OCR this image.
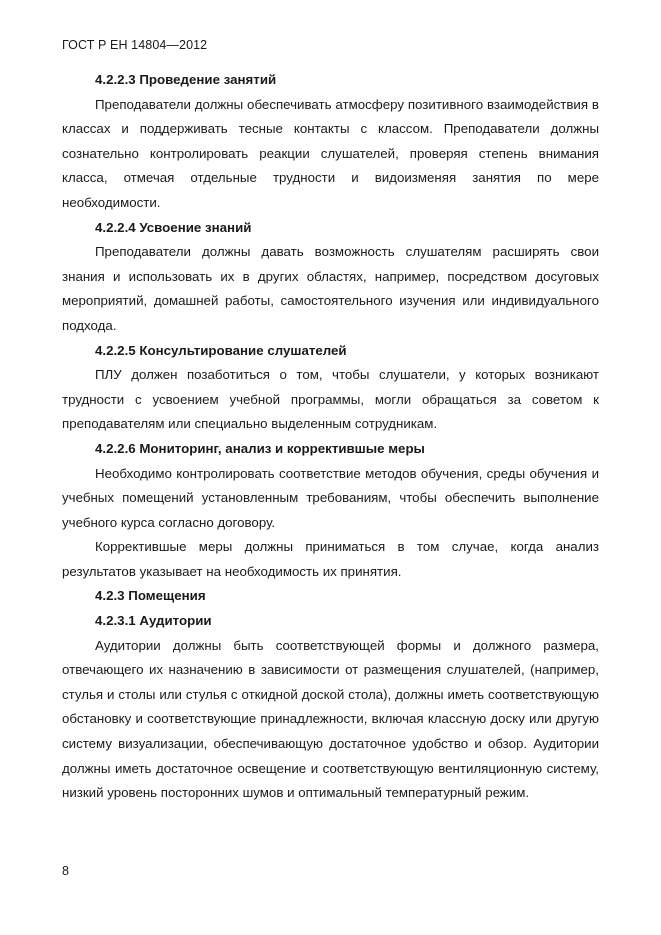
ГОСТ Р ЕН 14804—2012

4.2.2.3 Проведение занятий

Преподаватели должны обеспечивать атмосферу позитивного взаимодействия в классах и поддерживать тесные контакты с классом. Преподаватели должны сознательно контролировать реакции слушателей, проверяя степень внимания класса, отмечая отдельные трудности и видоизменяя занятия по мере необходимости.

4.2.2.4 Усвоение знаний

Преподаватели должны давать возможность слушателям расширять свои знания и использовать их в других областях, например, посредством досуговых мероприятий, домашней работы, самостоятельного изучения или индивидуального подхода.

4.2.2.5 Консультирование слушателей

ПЛУ должен позаботиться о том, чтобы слушатели, у которых возникают трудности с усвоением учебной программы, могли обращаться за советом к преподавателям или специально выделенным сотрудникам.

4.2.2.6 Мониторинг, анализ и корректившые меры

Необходимо контролировать соответствие методов обучения, среды обучения и учебных помещений установленным требованиям, чтобы обеспечить выполнение учебного курса согласно договору.

Корректившые меры должны приниматься в том случае, когда анализ результатов указывает на необходимость их принятия.

4.2.3 Помещения

4.2.3.1 Аудитории

Аудитории должны быть соответствующей формы и должного размера, отвечающего их назначению в зависимости от размещения слушателей, (например, стулья и столы или стулья с откидной доской стола), должны иметь соответствующую обстановку и соответствующие принадлежности, включая классную доску или другую систему визуализации, обеспечивающую достаточное удобство и обзор. Аудитории должны иметь достаточное освещение и соответствующую вентиляционную систему, низкий уровень посторонних шумов и оптимальный температурный режим.

8
